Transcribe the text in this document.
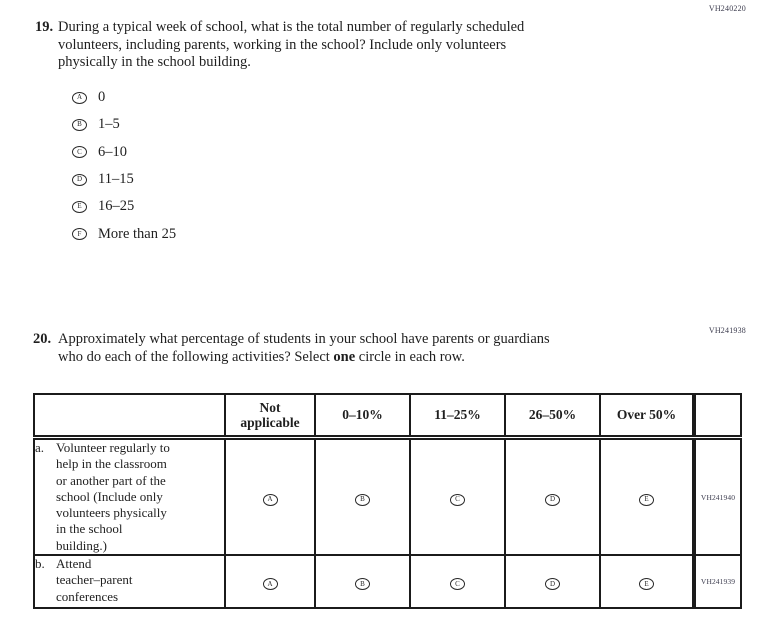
VH240220
19. During a typical week of school, what is the total number of regularly scheduled
volunteers, including parents, working in the school? Include only volunteers
physically in the school building.
A 0
B 1–5
C 6–10
D 11–15
E 16–25
F More than 25
VH241938
20. Approximately what percentage of students in your school have parents or guardians
who do each of the following activities? Select one circle in each row.
	Not applicable	0–10%	11–25%	26–50%	Over 50%	

a. Volunteer regularly to
help in the classroom
or another part of the
school (Include only
volunteers physically
in the school
building.)

A	B	C	D	E	VH241940

b. Attend
teacher–parent
conferences	A	B	C	D	E	VH241939
